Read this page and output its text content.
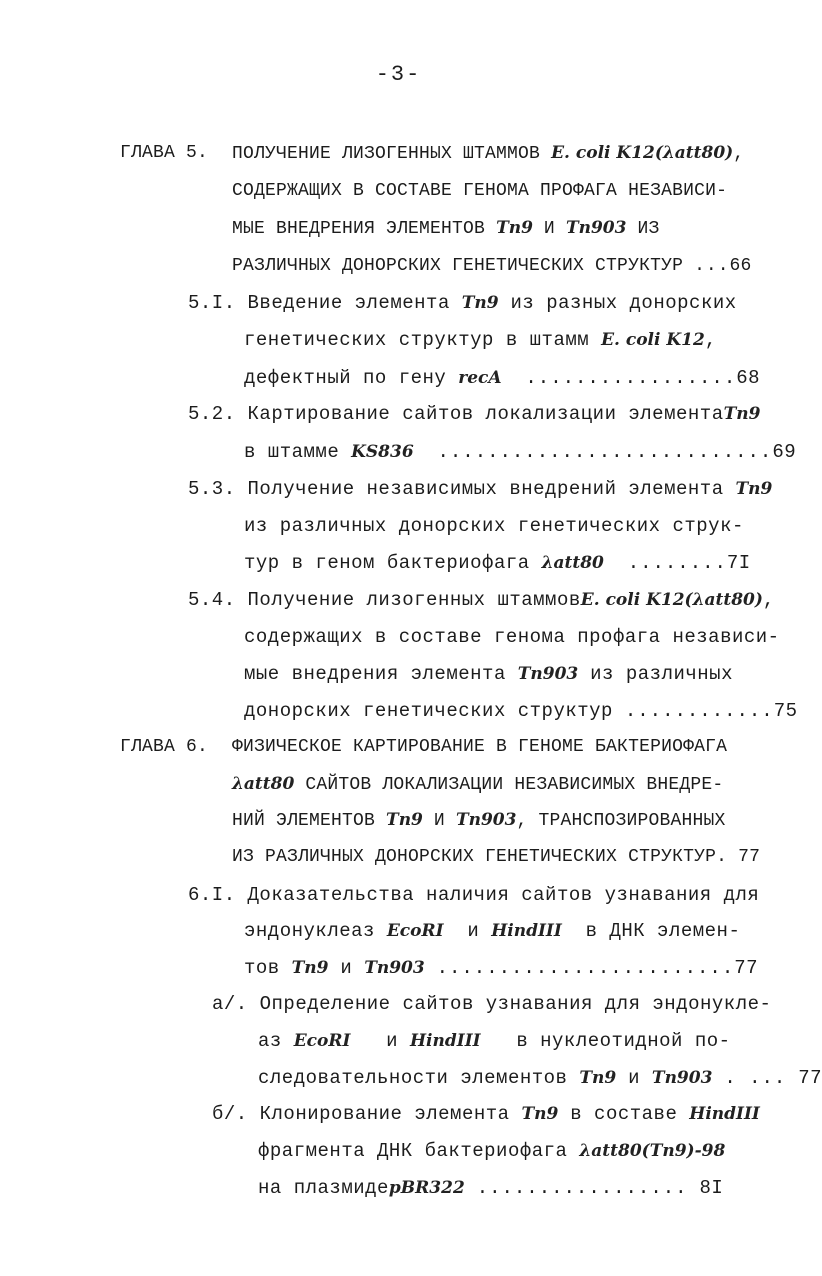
-3-
ГЛАВА 5. ПОЛУЧЕНИЕ ЛИЗОГЕННЫХ ШТАММОВ E. coli K12(λatt80),
СОДЕРЖАЩИХ В СОСТАВЕ ГЕНОМА ПРОФАГА НЕЗАВИСИ-
МЫЕ ВНЕДРЕНИЯ ЭЛЕМЕНТОВ Tn9 И Tn903 ИЗ
РАЗЛИЧНЫХ ДОНОРСКИХ ГЕНЕТИЧЕСКИХ СТРУКТУР ...66
5.I. Введение элемента Tn9 из разных донорских
генетических структур в штамм E. coli K12,
дефектный по гену recA .................68
5.2. Картирование сайтов локализации элементаTn9
в штамме KS836 ...........................69
5.3. Получение независимых внедрений элемента Tn9
из различных донорских генетических струк-
тур в геном бактериофага λatt80 ........7I
5.4. Получение лизогенных штаммовE. coli K12(λatt80),
содержащих в составе генома профага независи-
мые внедрения элемента Tn903 из различных
донорских генетических структур ............75
ГЛАВА 6. ФИЗИЧЕСКОЕ КАРТИРОВАНИЕ В ГЕНОМЕ БАКТЕРИОФАГА
λatt80 САЙТОВ ЛОКАЛИЗАЦИИ НЕЗАВИСИМЫХ ВНЕДРЕ-
НИЙ ЭЛЕМЕНТОВ Tn9 И Tn903, ТРАНСПОЗИРОВАННЫХ
ИЗ РАЗЛИЧНЫХ ДОНОРСКИХ ГЕНЕТИЧЕСКИХ СТРУКТУР. 77
6.I. Доказательства наличия сайтов узнавания для
эндонуклеаз EcoRI и HindIII в ДНК элемен-
тов Tn9 и Tn903 ........................77
а/. Определение сайтов узнавания для эндонукле-
аз EcoRI и HindIII в нуклеотидной по-
следовательности элементов Tn9 и Tn903 . ... 77
б/. Клонирование элемента Tn9 в составе HindIII
фрагмента ДНК бактериофага λatt80(Tn9)-98
на плазмидеpBR322 ................. 8I
